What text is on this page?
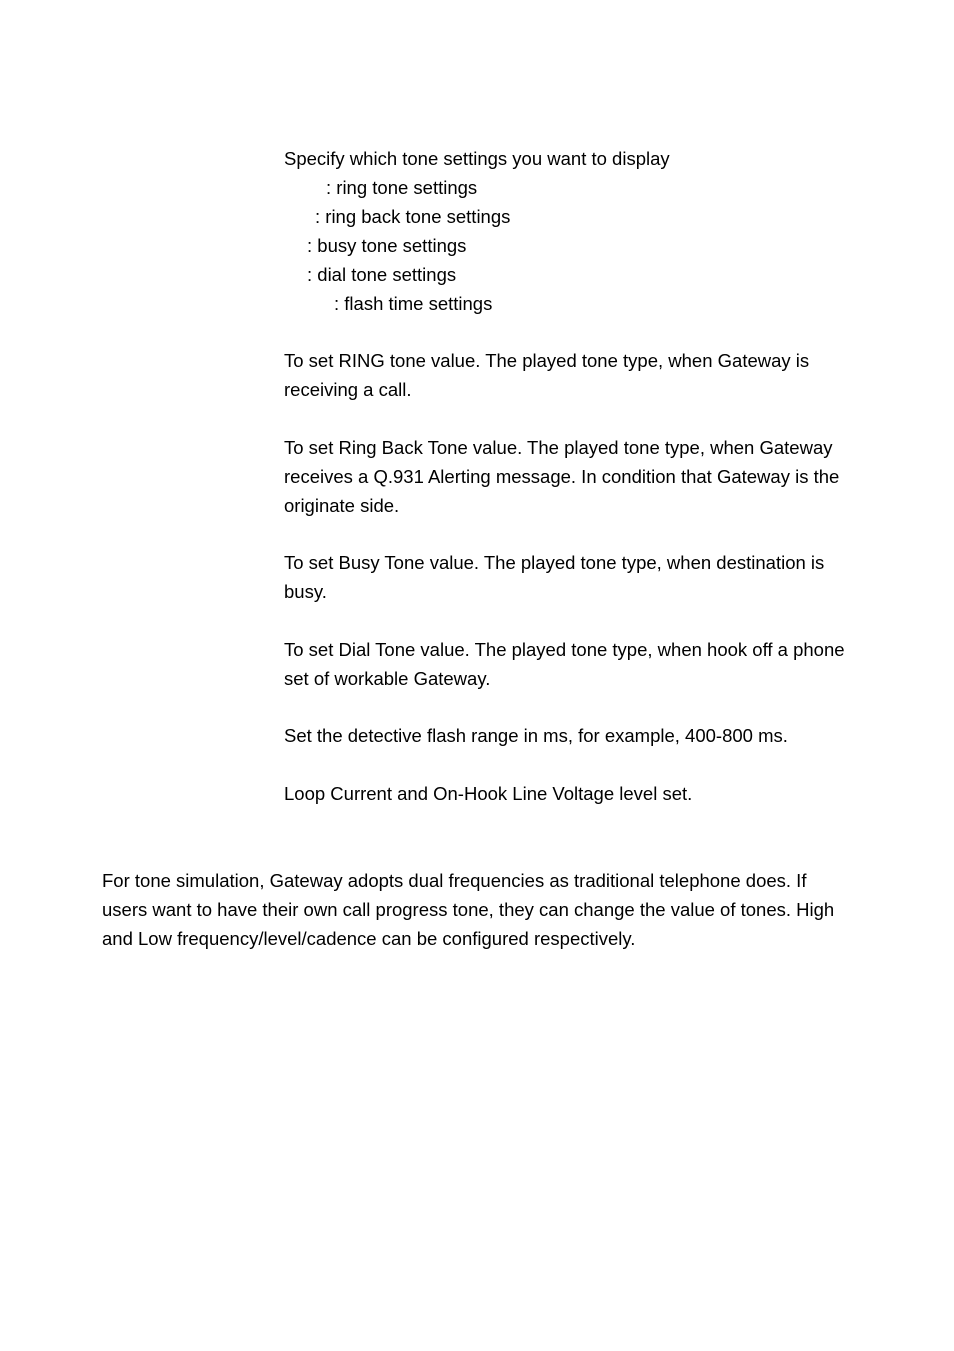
Specify which tone settings you want to display
: ring tone settings
: ring back tone settings
: busy tone settings
: dial tone settings
: flash time settings
To set RING tone value. The played tone type, when Gateway is receiving a call.
To set Ring Back Tone value. The played tone type, when Gateway receives a Q.931 Alerting message. In condition that Gateway is the originate side.
To set Busy Tone value. The played tone type, when destination is busy.
To set Dial Tone value. The played tone type, when hook off a phone set of workable Gateway.
Set the detective flash range in ms, for example, 400-800 ms.
Loop Current and On-Hook Line Voltage level set.
For tone simulation, Gateway adopts dual frequencies as traditional telephone does. If users want to have their own call progress tone, they can change the value of tones. High and Low frequency/level/cadence can be configured respectively.
